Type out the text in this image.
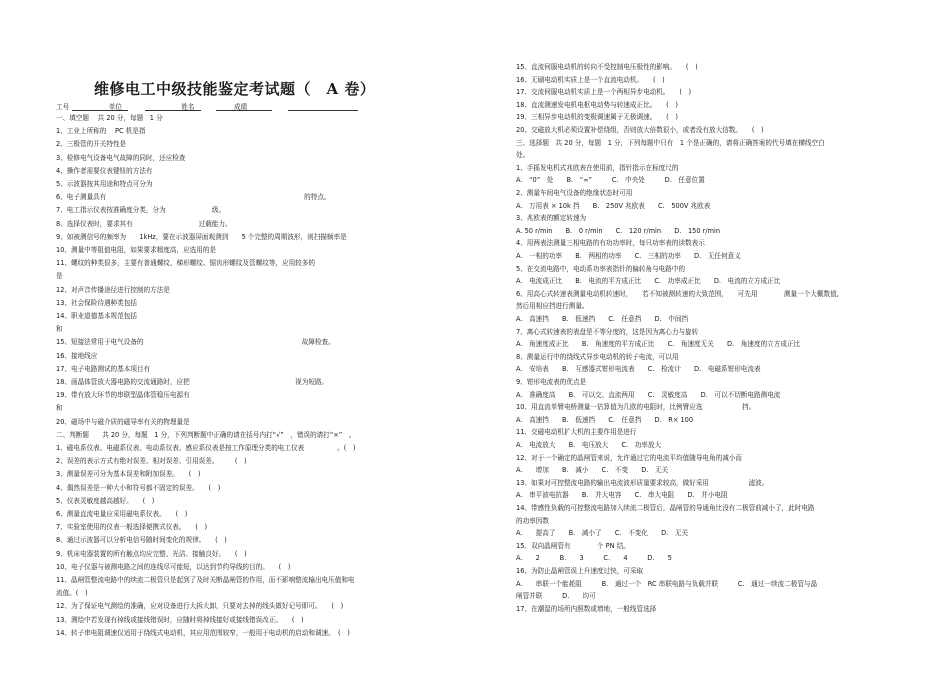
维修电工中级技能鉴定考试题（　A 卷）
工号　　　　　　单位　　　　　　　　　姓名　　　　　　成绩
一、填空题　 共 20 分，每题　1 分
1、工业上所称的　 PC 机是指
2、三极管的开关特性是
3、检修电气设备电气故障的同时，还应检查
4、操作者需要仪表键钮的方法有
5、示波器按其用途和特点可分为
6、电子测量具有　　　　　　　　　　　　　　　　　　　　　　　　　　　　　　的特点。
7、电工指示仪表按准确度分类，分为　　　　　　　级。
8、选择仪表时，要求其有　　　　　　　　　　过载能力。
9、如被测信号的频率为　　1kHz，要在示波器屏面观测到　　5 个完整的周期波形，则扫描频率是
10、测量中等阻值电阻，如果要求精度高，应选用的是
11、螺纹的种类很多，主要有普通螺纹、梯形螺纹、锯齿形螺纹及管螺纹等，应用较多的
是
12、对声音传播途径进行控制的方法是
13、社会保险待遇种类包括
14、职业道德基本规范包括
和
15、短接法常用于电气设备的　　　　　　　　　　　　　　　　　　　　　　　　故障检查。
16、接地线应
17、电子电路测试的基本项目有
18、画晶体管放大器电路的交流通路时，应把　　　　　　　　　　　　　　　　视为短路。
19、带有放大环节的串联型晶体管稳压电源有
和
20、磁场中与磁介质的磁导率有关的物理量是
二、判断题　　共 20 分，每题　1 分，下列判断题中正确的请在括号内打“√”　，错误的请打“×”　。
1、磁电系仪表、电磁系仪表、电动系仪表、感应系仪表是按工作原理分类的电工仪表　　　　　。(　)
2、误差的表示方式有绝对误差、相对误差、引用误差。　　　(　)
3、测量误差可分为基本误差和附加误差。　　(　)
4、偶然误差是一种大小和符号都不固定的误差。　　(　)
5、仪表灵敏度越高越好。　　(　)
6、测量直流电量应采用磁电系仪表。　　(　)
7、实验室使用的仪表一般选择便携式仪表。　　(　)
8、通过示波器可以分析电信号随时间变化的规律。　　(　)
9、机床电器装置的所有触点均应完整、光洁、接触良好。　　(　)
10、电子仪器与被测电路之间的连线尽可能短，以达到节约导线的目的。　　(　)
11、晶闸管整流电路中的续流二极管只是起到了及时关断晶闸管的作用，而不影响整流输出电压值和电
流值。(　)
12、为了保证电气测绘的准确，应对设备进行大拆大卸，只要对去掉的线头做好记号即可。　　(　)
13、测绘中若发现有掉线或接线错误时，应随时将掉线接好或接线错误改正。　　(　)
14、转子串电阻调速仅适用于绕线式电动机，其应用范围较窄，一般用于电动机的启动和调速。　(　)
15、直流伺服电动机的转向不受控制电压极性的影响。　　(　)
16、无刷电动机实质上是一个直流电动机。　　(　)
17、交流伺服电动机实质上是一个两相异步电动机。　　(　)
18、直流测速发电机电枢电动势与转速成正比。　　(　)
19、三相异步电动机的变极调速属于无极调速。　　(　)
20、交磁放大机必须设置补偿绕组，否则放大倍数很小，或者没有放大信数。　　(　)
三、选择题　共 20 分，每题　1 分，下列每题中只有　1 个是正确的，请将正确答案的代号填在横线空白
处。
1、手摇发电机式兆欧表在使用前，指针指示在标度尺的
A.　“0”　处　　B.　“∞”　　　C.　中央处　　　D.　任意位置
2、测量车间电气设备的绝缘状态时可用
A.　万用表 × 10k 挡　　B.　250V 兆欧表　　C.　500V 兆欧表
3、兆欧表的额定转速为
A. 50 r/min　　B.　0 r/min　　C.　120 r/min　　D.　150 r/min
4、用两表法测量三相电路的有功功率时，每只功率表的读数表示
A.　一相的功率　　B.　两相的功率　　C.　三相的功率　　D.　无任何意义
5、在交流电路中，电动系功率表指针的偏转角与电路中的
A.　电流成正比　　B.　电流的平方成正比　　C.　功率成正比　　D.　电流的立方成正比
6、用高心式转速表测量电动机转速时，　　若不知被测转速的大致范围，　　可先用　　　　测量一个大概数值,
然后用相应挡进行测量。
A.　高速挡　　B.　低速挡　　C.　任意挡　　D.　中间挡
7、离心式转速表的表盘是不等分度的，这是因为离心力与旋转
A.　角速度成正比　　B.　角速度的平方成正比　　C.　角速度无关　　D.　角速度的立方成正比
8、测量运行中的绕线式异步电动机的转子电流，可以用
A.　安培表　　B.　互感器式钳形电流表　　C.　检流计　　D.　电磁系钳形电流表
9、钳形电流表的优点是
A.　准确度高　　B.　可以交、直流两用　　C.　灵敏度高　　D.　可以不切断电路测电流
10、用直流单臂电桥测量一估算值为几欧的电阻时，比例臂应选　　　　　　挡。
A.　高速挡　　B.　低速挡　　C.　任意挡　　D.　R× 100
11、交磁电动机扩大机的主要作用是进行
A.　电流放大　　B.　电压放大　　C.　功率放大
12、对于一个确定的晶闸管来说，允许通过它的电流平均值随导电角的减小而
A.　　增加　　B.　减小　　C.　不变　　D.　无关
13、如果对可控整流电路的输出电流波形质量要求较高，做好采用　　　　　　滤波。
A.　串平波电抗器　　B.　并大电容　　C.　串大电阻　　D.　并小电阻
14、带感性负载的可控整流电路加入续流二极管后，晶闸管的导通角比没有二极管前减小了，此时电路
的功率因数
A.　　提高了　　B.　减小了　　C.　不变化　　D.　无关
15、双向晶闸管有　　　　个 PN 结。
A.　　2　　　B.　　3　　　C.　　4　　　D.　　5
16、为防止晶闸管误上升速度过快，可采取
A.　　串联一个能耗阻　　　B.　通过一个　RC 串联电路与负载并联　　　C.　通过一续流二极管与晶
闸管并联　　　D.　　均可
17、在潮湿的场所内照数或增地，一般线管选择
